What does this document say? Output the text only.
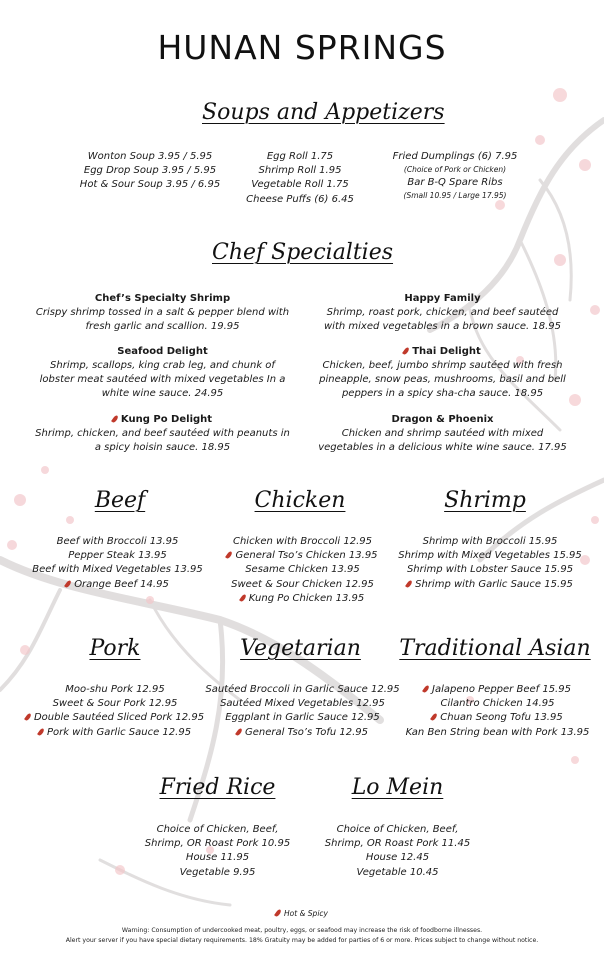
HUNAN SPRINGS
Soups and Appetizers
Wonton Soup 3.95 / 5.95
Egg Drop Soup 3.95 / 5.95
Hot & Sour Soup 3.95 / 6.95
Egg Roll 1.75
Shrimp Roll 1.95
Vegetable Roll 1.75
Cheese Puffs (6) 6.45
Fried Dumplings (6) 7.95
(Choice of Pork or Chicken)
Bar B-Q Spare Ribs
(Small 10.95 / Large 17.95)
Chef Specialties
Chef’s Specialty Shrimp
Crispy shrimp tossed in a salt & pepper blend with fresh garlic and scallion. 19.95
Happy Family
Shrimp, roast pork, chicken, and beef sautéed with mixed vegetables in a brown sauce. 18.95
Seafood Delight
Shrimp, scallops, king crab leg, and chunk of lobster meat sautéed with mixed vegetables In a white wine sauce. 24.95
Thai Delight
Chicken, beef, jumbo shrimp sautéed with fresh pineapple, snow peas, mushrooms, basil and bell peppers in a spicy sha-cha sauce. 18.95
Kung Po Delight
Shrimp, chicken, and beef sautéed with peanuts in a spicy hoisin sauce. 18.95
Dragon & Phoenix
Chicken and shrimp sautéed with mixed vegetables in a delicious white wine sauce. 17.95
Beef	Chicken	Shrimp
Beef with Broccoli 13.95
Pepper Steak 13.95
Beef with Mixed Vegetables 13.95
Orange Beef 14.95
Chicken with Broccoli 12.95
General Tso’s Chicken 13.95
Sesame Chicken 13.95
Sweet & Sour Chicken 12.95
Kung Po Chicken 13.95
Shrimp with Broccoli 15.95
Shrimp with Mixed Vegetables 15.95
Shrimp with Lobster Sauce 15.95
Shrimp with Garlic Sauce 15.95
Pork	Vegetarian	Traditional Asian
Moo-shu Pork 12.95
Sweet & Sour Pork 12.95
Double Sautéed Sliced Pork 12.95
Pork with Garlic Sauce 12.95
Sautéed Broccoli in Garlic Sauce 12.95
Sautéed Mixed Vegetables 12.95
Eggplant in Garlic Sauce 12.95
General Tso’s Tofu 12.95
Jalapeno Pepper Beef 15.95
Cilantro Chicken 14.95
Chuan Seong Tofu 13.95
Kan Ben String bean with Pork 13.95
Fried Rice	Lo Mein
Choice of Chicken, Beef,
Shrimp, OR Roast Pork 10.95
House 11.95
Vegetable 9.95
Choice of Chicken, Beef,
Shrimp, OR Roast Pork 11.45
House 12.45
Vegetable 10.45
Hot & Spicy
Warning: Consumption of undercooked meat, poultry, eggs, or seafood may increase the risk of foodborne illnesses.
Alert your server if you have special dietary requirements. 18% Gratuity may be added for parties of 6 or more. Prices subject to change without notice.
